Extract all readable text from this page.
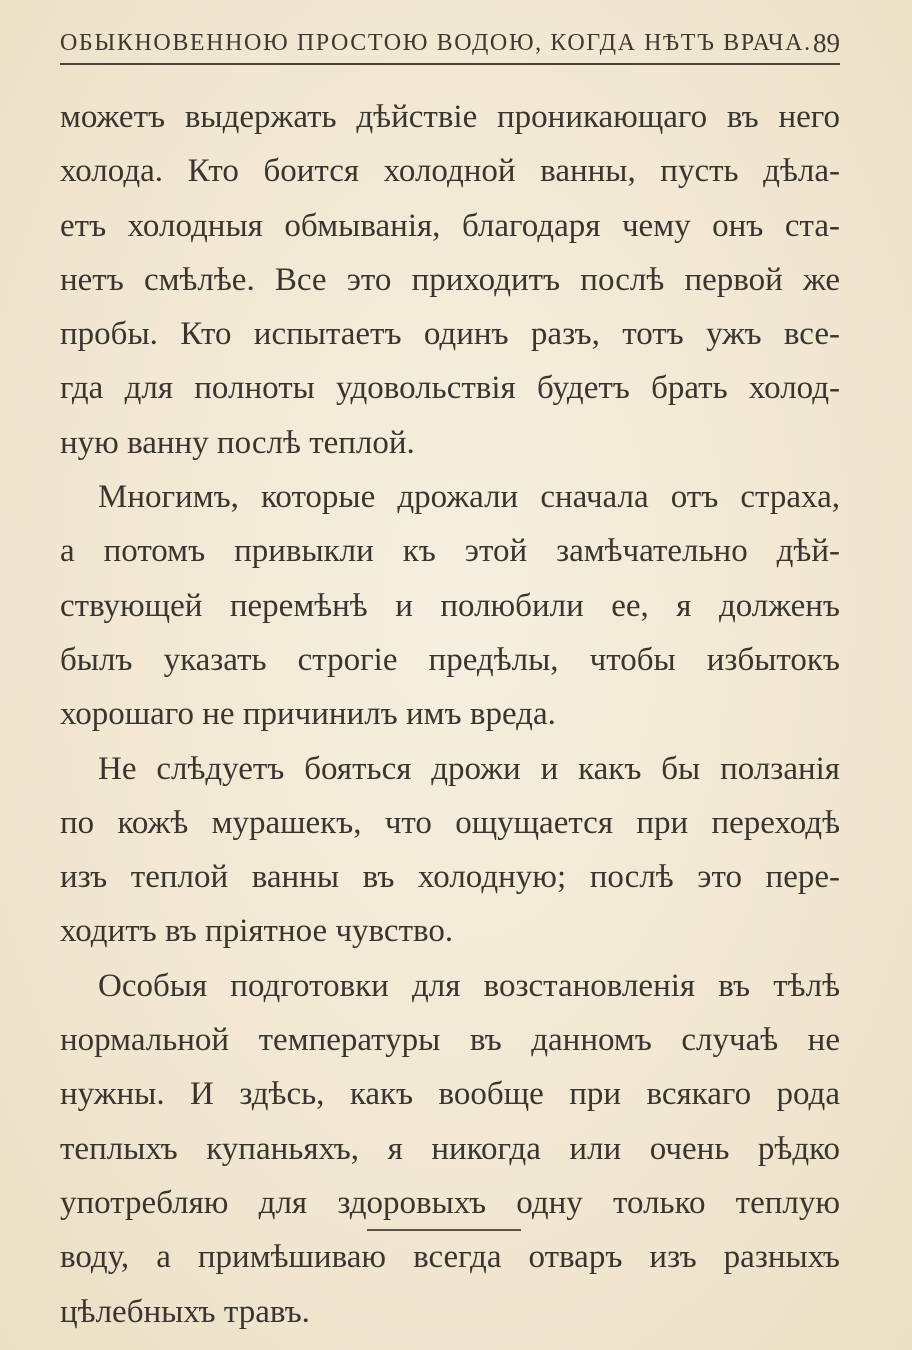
ОБЫКНОВЕННОЮ ПРОСТОЮ ВОДОЮ, КОГДА НѢТЪ ВРАЧА. 89
можетъ выдержать дѣйствіе проникающаго въ него
холода. Кто боится холодной ванны, пусть дѣла-
етъ холодныя обмыванія, благодаря чему онъ ста-
нетъ смѣлѣе. Все это приходитъ послѣ первой же
пробы. Кто испытаетъ одинъ разъ, тотъ ужъ все-
гда для полноты удовольствія будетъ брать холод-
ную ванну послѣ теплой.
Многимъ, которые дрожали сначала отъ страха,
а потомъ привыкли къ этой замѣчательно дѣй-
ствующей перемѣнѣ и полюбили ее, я долженъ
былъ указать строгіе предѣлы, чтобы избытокъ
хорошаго не причинилъ имъ вреда.
Не слѣдуетъ бояться дрожи и какъ бы ползанія
по кожѣ мурашекъ, что ощущается при переходѣ
изъ теплой ванны въ холодную; послѣ это пере-
ходитъ въ пріятное чувство.
Особыя подготовки для возстановленія въ тѣлѣ
нормальной температуры въ данномъ случаѣ не
нужны. И здѣсь, какъ вообще при всякаго рода
теплыхъ купаньяхъ, я никогда или очень рѣдко
употребляю для здоровыхъ одну только теплую
воду, а примѣшиваю всегда отваръ изъ разныхъ
цѣлебныхъ травъ.
